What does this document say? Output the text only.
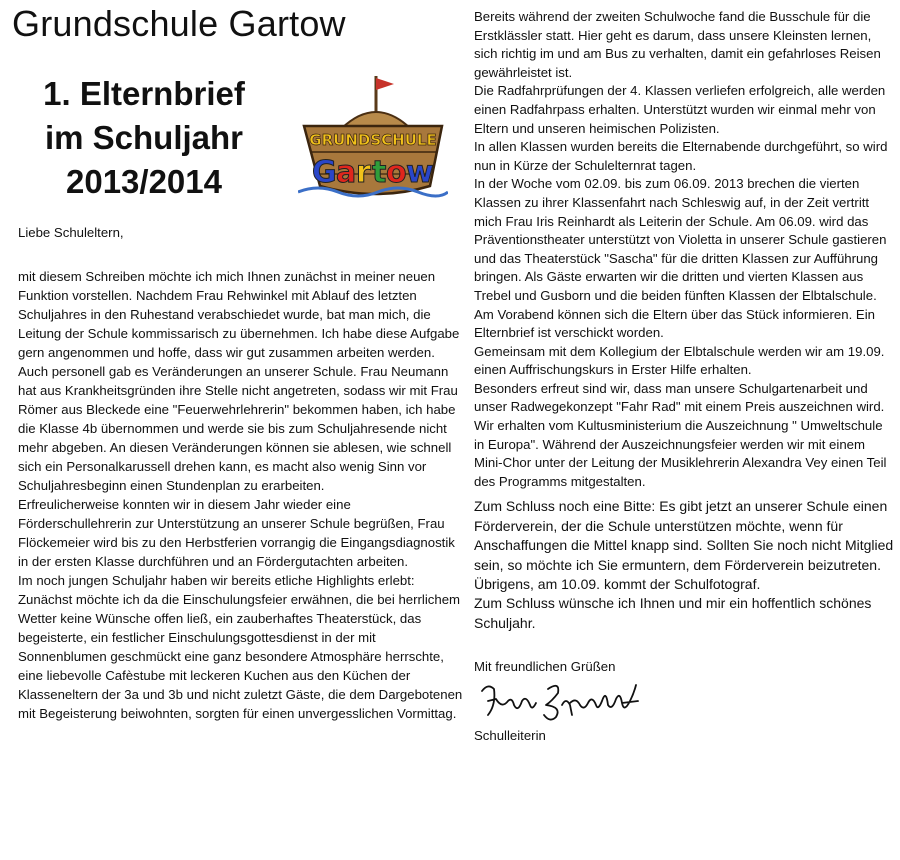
Grundschule Gartow
1. Elternbrief
im Schuljahr
2013/2014
GRUNDSCHULE
G a r t o w

Liebe Schuleltern,

mit diesem Schreiben möchte ich mich Ihnen zunächst in meiner neuen Funktion vorstellen. Nachdem Frau Rehwinkel mit Ablauf des letzten Schuljahres in den Ruhestand verabschiedet wurde, bat man mich, die Leitung der Schule kommissarisch zu übernehmen. Ich habe diese Aufgabe gern angenommen und hoffe, dass wir gut zusammen arbeiten werden.

Auch personell gab es Veränderungen an unserer Schule. Frau Neumann hat aus Krankheitsgründen ihre Stelle nicht angetreten, sodass wir mit Frau Römer aus Bleckede eine "Feuerwehrlehrerin" bekommen haben, ich habe die Klasse 4b übernommen und werde sie bis zum Schuljahresende nicht mehr abgeben. An diesen Veränderungen können sie ablesen, wie schnell sich ein Personalkarussell drehen kann, es macht also wenig Sinn vor Schuljahresbeginn einen Stundenplan zu erarbeiten.

Erfreulicherweise konnten wir in diesem Jahr wieder eine Förderschullehrerin zur Unterstützung an unserer Schule begrüßen, Frau Flöckemeier wird bis zu den Herbstferien vorrangig die Eingangsdiagnostik in der ersten Klasse durchführen und an Fördergutachten arbeiten.

Im noch jungen Schuljahr haben wir bereits etliche Highlights erlebt: Zunächst möchte ich da die Einschulungsfeier erwähnen, die bei herrlichem Wetter keine Wünsche offen ließ, ein zauberhaftes Theaterstück, das begeisterte, ein festlicher Einschulungsgottesdienst in der mit Sonnenblumen geschmückt eine ganz besondere Atmosphäre herrschte, eine liebevolle Cafèstube mit leckeren Kuchen aus den Küchen der Klasseneltern der 3a und 3b und nicht zuletzt Gäste, die dem Dargebotenen mit Begeisterung beiwohnten, sorgten für einen unvergesslichen Vormittag.

Bereits während der zweiten Schulwoche fand die Busschule für die Erstklässler statt. Hier geht es darum, dass unsere Kleinsten lernen, sich richtig im und am Bus zu verhalten, damit ein gefahrloses Reisen gewährleistet ist.

Die Radfahrprüfungen der 4. Klassen verliefen erfolgreich, alle werden einen Radfahrpass erhalten. Unterstützt wurden wir einmal mehr von Eltern und unseren heimischen Polizisten.

In allen Klassen wurden bereits die Elternabende durchgeführt, so wird nun in Kürze der Schulelternrat tagen.

In der Woche vom 02.09. bis zum 06.09. 2013 brechen die vierten Klassen zu ihrer Klassenfahrt nach Schleswig auf, in der Zeit vertritt mich Frau Iris Reinhardt als Leiterin der Schule. Am 06.09. wird das Präventionstheater unterstützt von Violetta in unserer Schule gastieren und das Theaterstück "Sascha" für die dritten Klassen zur Aufführung bringen. Als Gäste erwarten wir die dritten und vierten Klassen aus Trebel und Gusborn und die beiden fünften Klassen der Elbtalschule. Am Vorabend können sich die Eltern über das Stück informieren. Ein Elternbrief ist verschickt worden.

Gemeinsam mit dem Kollegium der Elbtalschule werden wir am 19.09. einen Auffrischungskurs in Erster Hilfe erhalten.

Besonders erfreut sind wir, dass man unsere Schulgartenarbeit und unser Radwegekonzept "Fahr Rad" mit einem Preis auszeichnen wird. Wir erhalten vom Kultusministerium die Auszeichnung " Umweltschule in Europa". Während der Auszeichnungsfeier werden wir mit einem Mini-Chor unter der Leitung der Musiklehrerin Alexandra Vey einen Teil des Programms mitgestalten.

Zum Schluss noch eine Bitte: Es gibt jetzt an unserer Schule einen Förderverein, der die Schule unterstützen möchte, wenn für Anschaffungen die Mittel knapp sind. Sollten Sie noch nicht Mitglied sein, so möchte ich Sie ermuntern, dem Förderverein beizutreten.

Übrigens, am 10.09. kommt der Schulfotograf.

Zum Schluss wünsche ich Ihnen und mir ein hoffentlich schönes Schuljahr.

Mit freundlichen Grüßen

Schulleiterin
